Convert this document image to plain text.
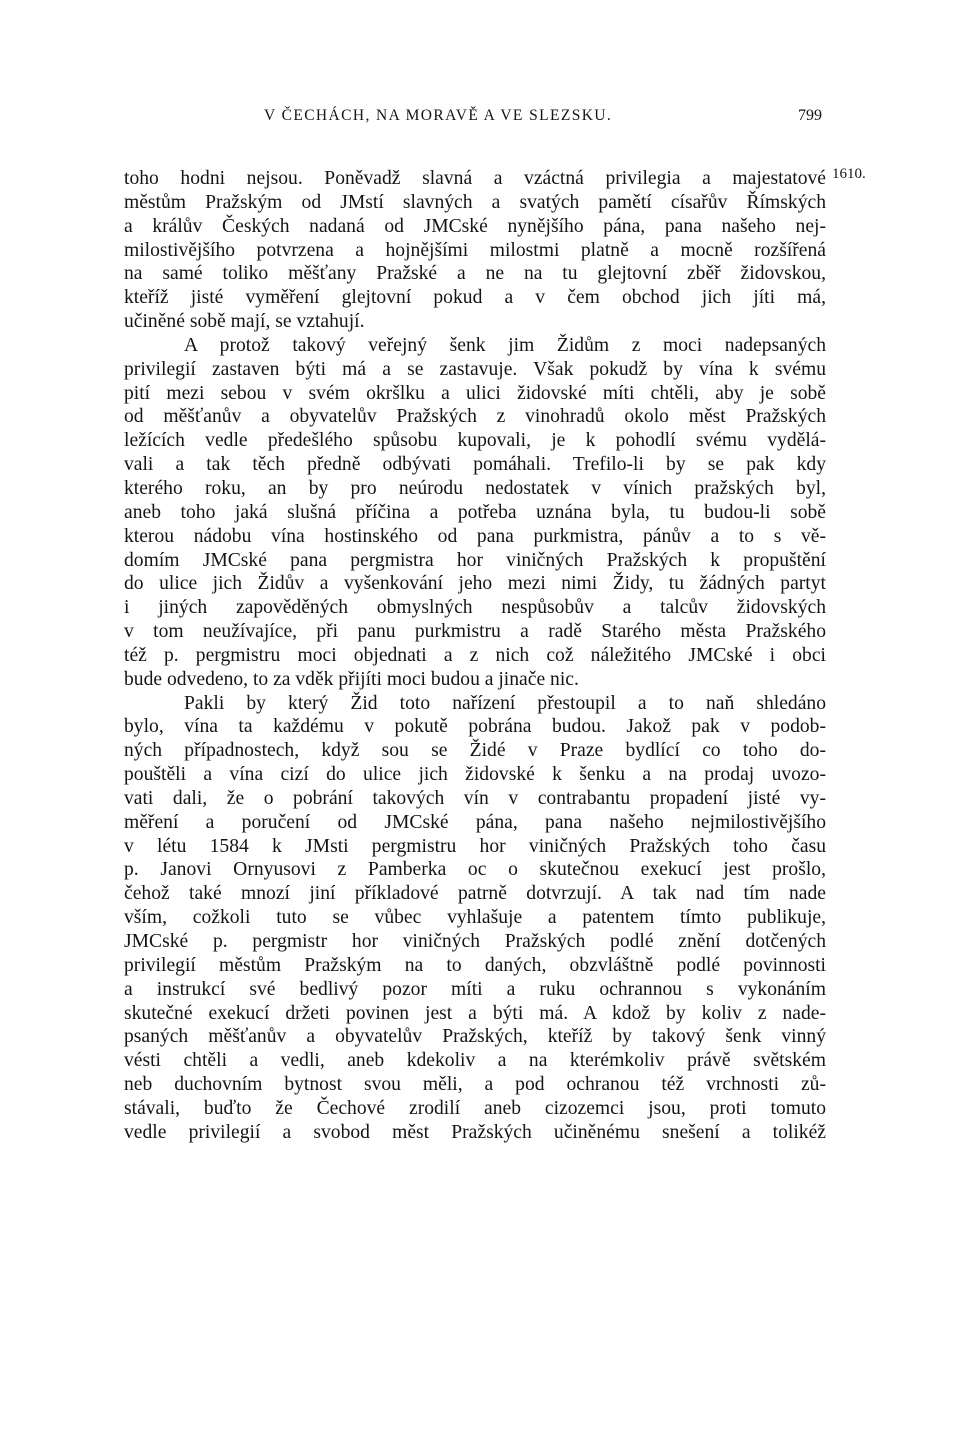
V ČECHÁCH, NA MORAVĚ A VE SLEZSKU.	799
1610.
toho hodni nejsou. Poněvadž slavná a vzáctná privilegia a majestatové
městům Pražským od JMstí slavných a svatých pamětí císařův Římských
a králův Českých nadaná od JMCské nynějšího pána, pana našeho nej-
milostivějšího potvrzena a hojnějšími milostmi platně a mocně rozšířená
na samé toliko měšťany Pražské a ne na tu glejtovní zběř židovskou,
kteříž jisté vyměření glejtovní pokud a v čem obchod jich jíti má,
učiněné sobě mají, se vztahují.
A protož takový veřejný šenk jim Židům z moci nadepsaných
privilegií zastaven býti má a se zastavuje. Však pokudž by vína k svému
pití mezi sebou v svém okršlku a ulici židovské míti chtěli, aby je sobě
od měšťanův a obyvatelův Pražských z vinohradů okolo měst Pražských
ležících vedle předešlého spůsobu kupovali, je k pohodlí svému vydělá-
vali a tak těch předně odbývati pomáhali. Trefilo-li by se pak kdy
kterého roku, an by pro neúrodu nedostatek v vínich pražských byl,
aneb toho jaká slušná příčina a potřeba uznána byla, tu budou-li sobě
kterou nádobu vína hostinského od pana purkmistra, pánův a to s vě-
domím JMCské pana pergmistra hor viničných Pražských k propuštění
do ulice jich Židův a vyšenkování jeho mezi nimi Židy, tu žádných partyt
i jiných zapověděných obmyslných nespůsobův a talcův židovských
v tom neužívajíce, při panu purkmistru a radě Starého města Pražského
též p. pergmistru moci objednati a z nich což náležitého JMCské i obci
bude odvedeno, to za vděk přijíti moci budou a jinače nic.
Pakli by který Žid toto nařízení přestoupil a to naň shledáno
bylo, vína ta každému v pokutě pobrána budou. Jakož pak v podob-
ných případnostech, když sou se Židé v Praze bydlící co toho do-
pouštěli a vína cizí do ulice jich židovské k šenku a na prodaj uvozo-
vati dali, že o pobrání takových vín v contrabantu propadení jisté vy-
měření a poručení od JMCské pána, pana našeho nejmilostivějšího
v létu 1584 k JMsti pergmistru hor viničných Pražských toho času
p. Janovi Ornyusovi z Pamberka oc o skutečnou exekucí jest prošlo,
čehož také mnozí jiní příkladové patrně dotvrzují. A tak nad tím nade
vším, cožkoli tuto se vůbec vyhlašuje a patentem tímto publikuje,
JMCské p. pergmistr hor viničných Pražských podlé znění dotčených
privilegií městům Pražským na to daných, obzvláštně podlé povinnosti
a instrukcí své bedlivý pozor míti a ruku ochrannou s vykonáním
skutečné exekucí držeti povinen jest a býti má. A kdož by koliv z nade-
psaných měšťanův a obyvatelův Pražských, kteříž by takový šenk vinný
vésti chtěli a vedli, aneb kdekoliv a na kterémkoliv právě světském
neb duchovním bytnost svou měli, a pod ochranou též vrchnosti zů-
stávali, buďto že Čechové zrodilí aneb cizozemci jsou, proti tomuto
vedle privilegií a svobod měst Pražských učiněnému snešení a tolikéž
